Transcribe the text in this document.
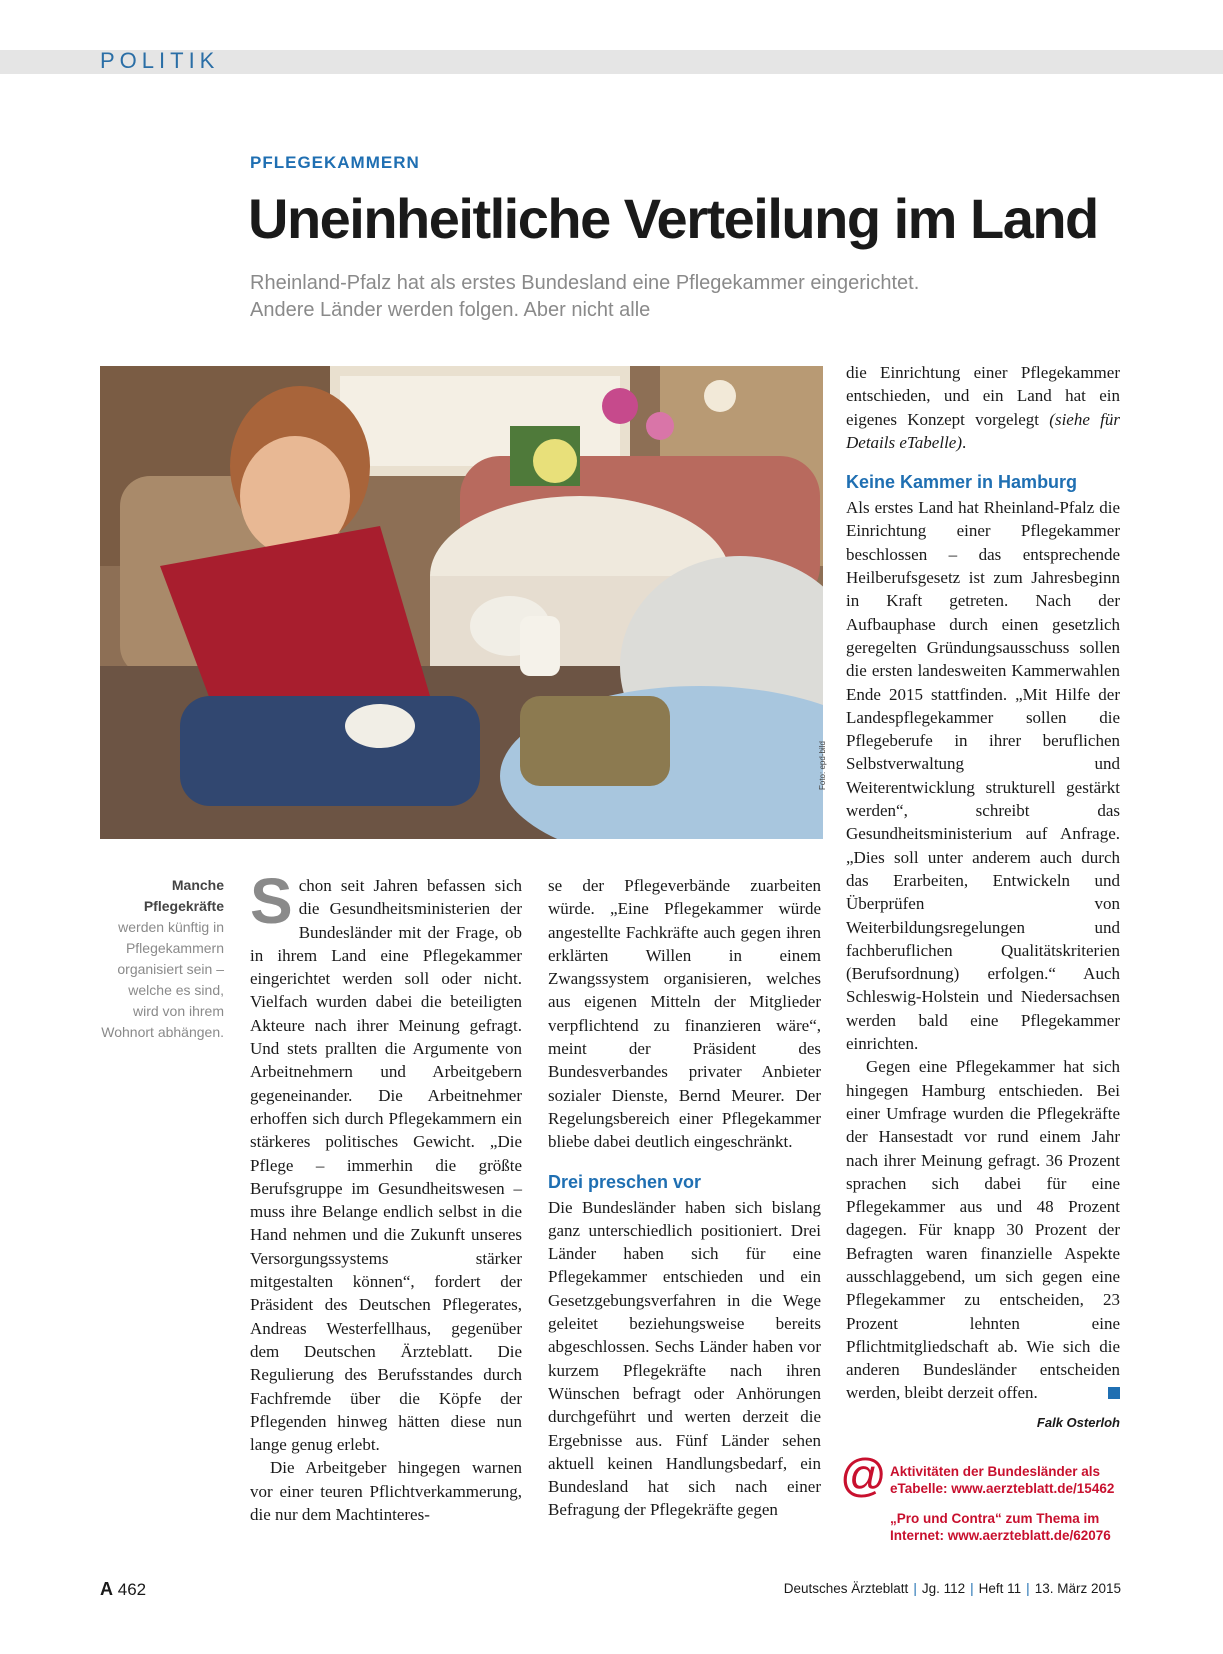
POLITIK
PFLEGEKAMMERN
Uneinheitliche Verteilung im Land
Rheinland-Pfalz hat als erstes Bundesland eine Pflegekammer eingerichtet.
Andere Länder werden folgen. Aber nicht alle
Foto: epd-bild
Manche Pflegekräfte werden künftig in Pflegekammern organisiert sein – welche es sind, wird von ihrem Wohnort abhängen.

S chon seit Jahren befassen sich die Gesundheitsministerien der Bundesländer mit der Frage, ob in ihrem Land eine Pflegekammer eingerichtet werden soll oder nicht. Vielfach wurden dabei die beteiligten Akteure nach ihrer Meinung gefragt. Und stets prallten die Argumente von Arbeitnehmern und Arbeitgebern gegeneinander. Die Arbeitnehmer erhoffen sich durch Pflegekammern ein stärkeres politisches Gewicht. „Die Pflege – immerhin die größte Berufsgruppe im Gesundheitswesen – muss ihre Belange endlich selbst in die Hand nehmen und die Zukunft unseres Versorgungssystems stärker mitgestalten können“, fordert der Präsident des Deutschen Pflegerates, Andreas Westerfellhaus, gegenüber dem Deutschen Ärzteblatt. Die Regulierung des Berufsstandes durch Fachfremde über die Köpfe der Pflegenden hinweg hätten diese nun lange genug erlebt.

Die Arbeitgeber hingegen warnen vor einer teuren Pflichtverkammerung, die nur dem Machtinteres-

se der Pflegeverbände zuarbeiten würde. „Eine Pflegekammer würde angestellte Fachkräfte auch gegen ihren erklärten Willen in einem Zwangssystem organisieren, welches aus eigenen Mitteln der Mitglieder verpflichtend zu finanzieren wäre“, meint der Präsident des Bundesverbandes privater Anbieter sozialer Dienste, Bernd Meurer. Der Regelungsbereich einer Pflegekammer bliebe dabei deutlich eingeschränkt.

Drei preschen vor

Die Bundesländer haben sich bislang ganz unterschiedlich positioniert. Drei Länder haben sich für eine Pflegekammer entschieden und ein Gesetzgebungsverfahren in die Wege geleitet beziehungsweise bereits abgeschlossen. Sechs Länder haben vor kurzem Pflegekräfte nach ihren Wünschen befragt oder Anhörungen durchgeführt und werten derzeit die Ergebnisse aus. Fünf Länder sehen aktuell keinen Handlungsbedarf, ein Bundesland hat sich nach einer Befragung der Pflegekräfte gegen

die Einrichtung einer Pflegekammer entschieden, und ein Land hat ein eigenes Konzept vorgelegt (siehe für Details eTabelle).

Keine Kammer in Hamburg

Als erstes Land hat Rheinland-Pfalz die Einrichtung einer Pflegekammer beschlossen – das entsprechende Heilberufsgesetz ist zum Jahresbeginn in Kraft getreten. Nach der Aufbauphase durch einen gesetzlich geregelten Gründungsausschuss sollen die ersten landesweiten Kammerwahlen Ende 2015 stattfinden. „Mit Hilfe der Landespflegekammer sollen die Pflegeberufe in ihrer beruflichen Selbstverwaltung und Weiterentwicklung strukturell gestärkt werden“, schreibt das Gesundheitsministerium auf Anfrage. „Dies soll unter anderem auch durch das Erarbeiten, Entwickeln und Überprüfen von Weiterbildungsregelungen und fachberuflichen Qualitätskriterien (Berufsordnung) erfolgen.“ Auch Schleswig-Holstein und Niedersachsen werden bald eine Pflegekammer einrichten.

Gegen eine Pflegekammer hat sich hingegen Hamburg entschieden. Bei einer Umfrage wurden die Pflegekräfte der Hansestadt vor rund einem Jahr nach ihrer Meinung gefragt. 36 Prozent sprachen sich dabei für eine Pflegekammer aus und 48 Prozent dagegen. Für knapp 30 Prozent der Befragten waren finanzielle Aspekte ausschlaggebend, um sich gegen eine Pflegekammer zu entscheiden, 23 Prozent lehnten eine Pflichtmitgliedschaft ab. Wie sich die anderen Bundesländer entscheiden werden, bleibt derzeit offen.

Falk Osterloh
@ Aktivitäten der Bundesländer als
eTabelle: www.aerzteblatt.de/15462

„Pro und Contra“ zum Thema im
Internet: www.aerzteblatt.de/62076

A 462	Deutsches Ärzteblatt | Jg. 112 | Heft 11 | 13. März 2015
